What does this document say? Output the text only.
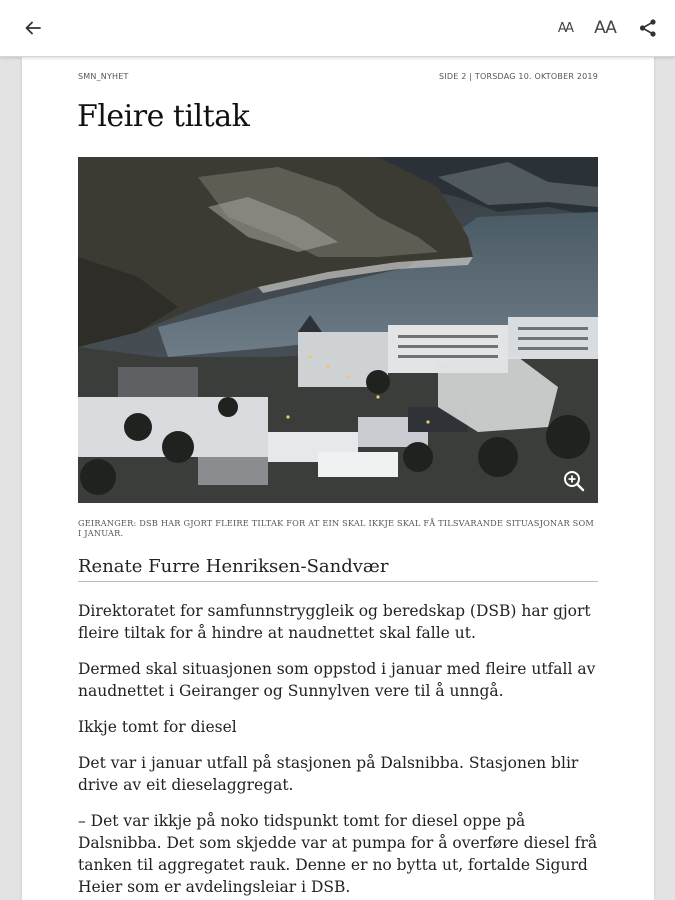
AA AA
SMN_NYHET	SIDE 2 | TORSDAG 10. OKTOBER 2019
Fleire tiltak
GEIRANGER: DSB HAR GJORT FLEIRE TILTAK FOR AT EIN SKAL IKKJE SKAL FÅ TILSVARANDE SITUASJONAR SOM I JANUAR.
Renate Furre Henriksen-Sandvær

Direktoratet for samfunnstryggleik og beredskap (DSB) har gjort fleire tiltak for å hindre at naudnettet skal falle ut.

Dermed skal situasjonen som oppstod i januar med fleire utfall av naudnettet i Geiranger og Sunnylven vere til å unngå.

Ikkje tomt for diesel

Det var i januar utfall på stasjonen på Dalsnibba. Stasjonen blir drive av eit dieselaggregat.

– Det var ikkje på noko tidspunkt tomt for diesel oppe på Dalsnibba. Det som skjedde var at pumpa for å overføre diesel frå tanken til aggregatet rauk. Denne er no bytta ut, fortalde Sigurd Heier som er avdelingsleiar i DSB.
